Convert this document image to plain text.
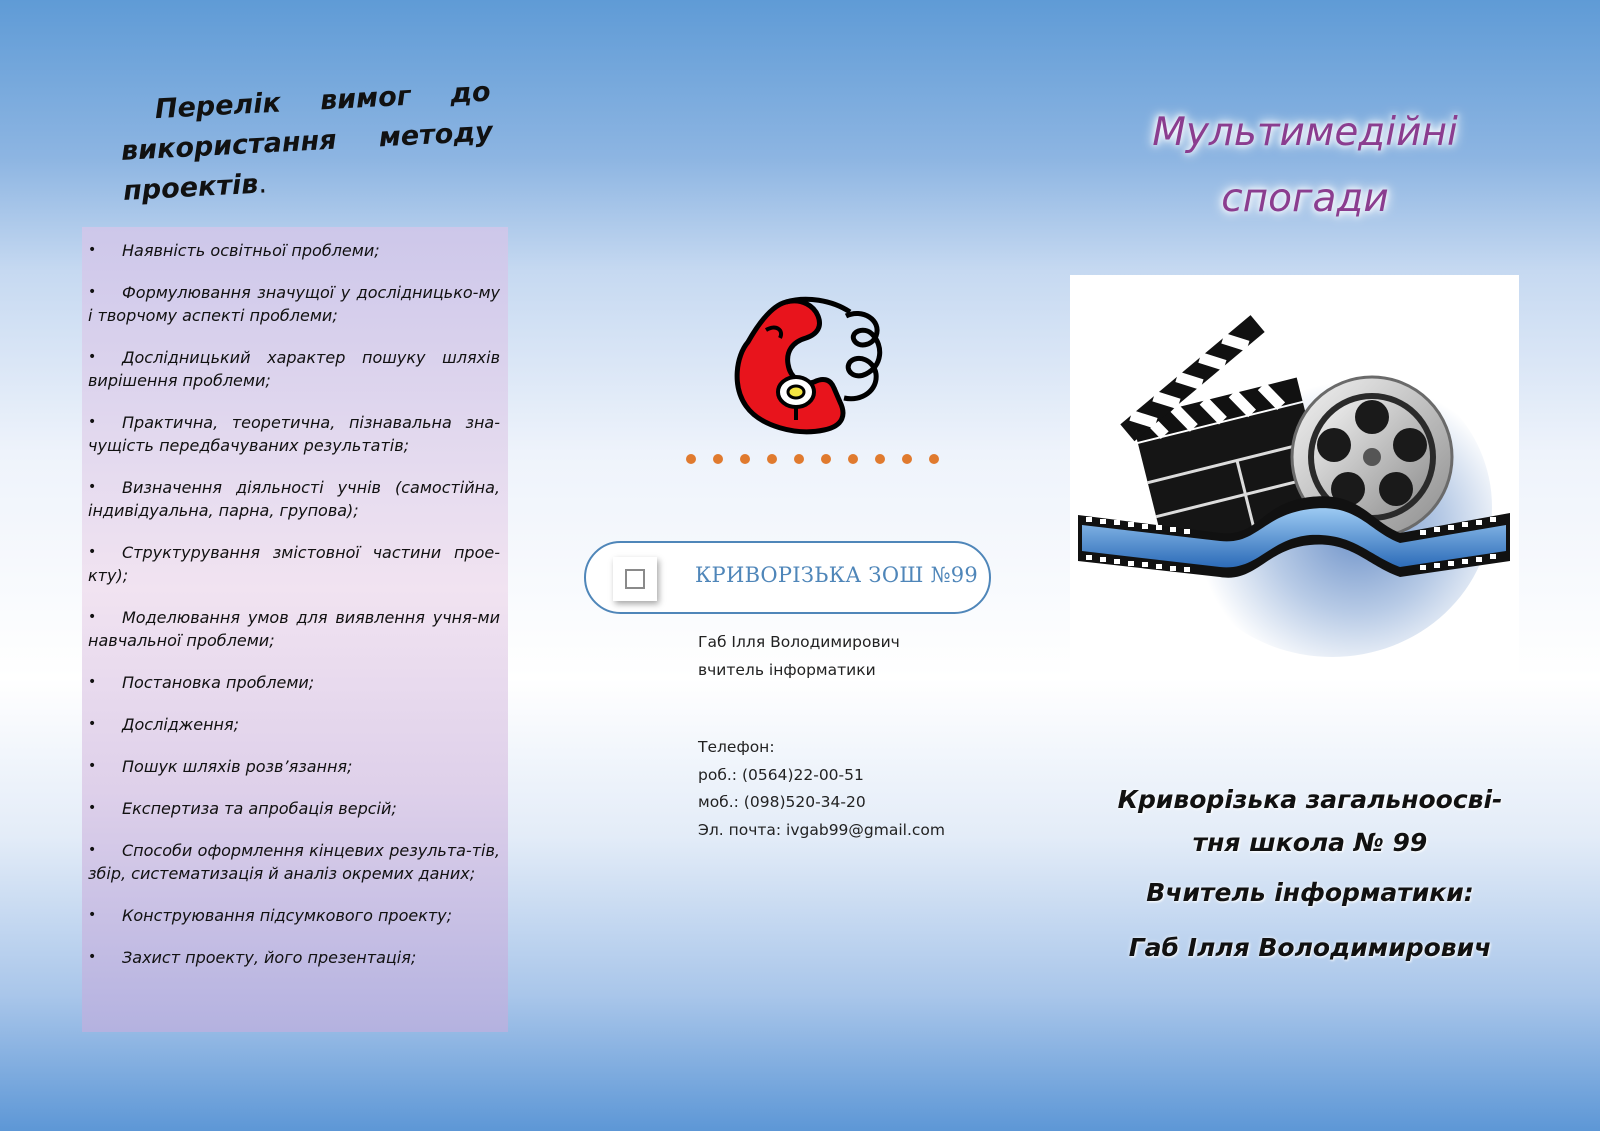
Перелік вимог до використання методу проектів.

• Наявність освітньої проблеми;
• Формулювання значущої у дослідницько-му і творчому аспекті проблеми;
• Дослідницький характер пошуку шляхів вирішення проблеми;
• Практична, теоретична, пізнавальна зна-чущість передбачуваних результатів;
• Визначення діяльності учнів (самостійна, індивідуальна, парна, групова);
• Структурування змістовної частини прое-кту);
• Моделювання умов для виявлення учня-ми навчальної проблеми;
• Постановка проблеми;
• Дослідження;
• Пошук шляхів розв’язання;
• Експертиза та апробація версій;
• Способи оформлення кінцевих результа-тів, збір, систематизація й аналіз окремих даних;
• Конструювання підсумкового проекту;
• Захист проекту, його презентація;
КРИВОРІЗЬКА ЗОШ №99
Габ Ілля Володимирович
вчитель інформатики
Телефон:
роб.: (0564)22-00-51
моб.: (098)520-34-20
Эл. почта: ivgab99@gmail.com

Мультимедійні
спогади

Криворізька загальноосві-тня школа № 99
Вчитель інформатики:
Габ Ілля Володимирович
